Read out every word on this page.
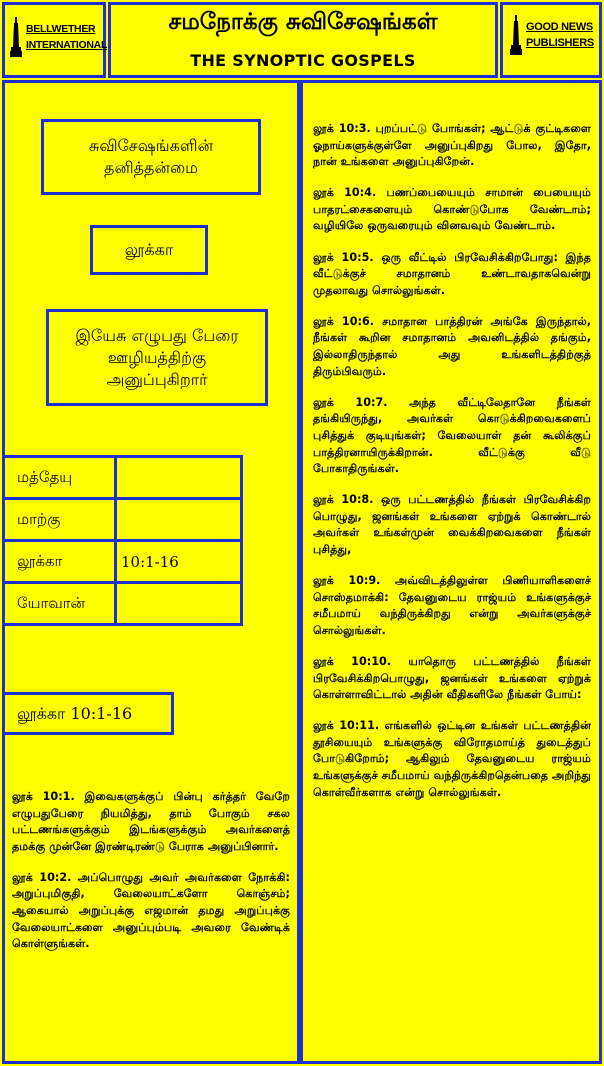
BELLWETHER
INTERNATIONAL
சமநோக்கு சுவிசேஷங்கள்
THE SYNOPTIC GOSPELS
GOOD NEWS
PUBLISHERS
சுவிசேஷங்களின் தனித்தன்மை
லூக்கா
இயேசு எழுபது பேரை ஊழியத்திற்கு அனுப்புகிறார்
மத்தேயு	
மாற்கு	
லூக்கா	10:1-16
யோவான்	
லூக்கா 10:1-16

லூக் 10:1. இவைகளுக்குப் பின்பு கர்த்தர் வேறே எழுபதுபேரை நியமித்து, தாம் போகும் சகல பட்டணங்களுக்கும் இடங்களுக்கும் அவர்களைத் தமக்கு முன்னே இரண்டிரண்டு பேராக அனுப்பினார்.

லூக் 10:2. அப்பொழுது அவர் அவர்களை நோக்கி: அறுப்புமிகுதி, வேலையாட்களோ கொஞ்சம்; ஆகையால் அறுப்புக்கு எஜமான் தமது அறுப்புக்கு வேலையாட்களை அனுப்பும்படி அவரை வேண்டிக் கொள்ளுங்கள்.

லூக் 10:3. புறப்பட்டு போங்கள்; ஆட்டுக் குட்டிகளை ஓநாய்களுக்குள்ளே அனுப்புகிறது போல, இதோ, நான் உங்களை அனுப்புகிறேன்.

லூக் 10:4. பணப்பையையும் சாமான் பையையும் பாதரட்சைகளையும் கொண்டுபோக வேண்டாம்; வழியிலே ஒருவரையும் வினவவும் வேண்டாம்.

லூக் 10:5. ஒரு வீட்டில் பிரவேசிக்கிறபோது: இந்த வீட்டுக்குச் சமாதானம் உண்டாவதாகவென்று முதலாவது சொல்லுங்கள்.

லூக் 10:6. சமாதான பாத்திரன் அங்கே இருந்தால், நீங்கள் கூறின சமாதானம் அவனிடத்தில் தங்கும், இல்லாதிருந்தால் அது உங்களிடத்திற்குத் திரும்பிவரும்.

லூக் 10:7. அந்த வீட்டிலேதானே நீங்கள் தங்கியிருந்து, அவர்கள் கொடுக்கிறவைகளைப் புசித்துக் குடியுங்கள்; வேலையாள் தன் கூலிக்குப் பாத்திரனாயிருக்கிறான். வீட்டுக்கு வீடு போகாதிருங்கள்.

லூக் 10:8. ஒரு பட்டணத்தில் நீங்கள் பிரவேசிக்கிற பொழுது, ஜனங்கள் உங்களை ஏற்றுக் கொண்டால் அவர்கள் உங்கள்முன் வைக்கிறவைகளை நீங்கள் புசித்து,

லூக் 10:9. அவ்விடத்திலுள்ள பிணியாளிகளைச் சொஸ்தமாக்கி: தேவனுடைய ராஜ்யம் உங்களுக்குச் சமீபமாய் வந்திருக்கிறது என்று அவர்களுக்குச் சொல்லுங்கள்.

லூக் 10:10. யாதொரு பட்டணத்தில் நீங்கள் பிரவேசிக்கிறபொழுது, ஜனங்கள் உங்களை ஏற்றுக் கொள்ளாவிட்டால் அதின் வீதிகளிலே நீங்கள் போய்:

லூக் 10:11. எங்களில் ஒட்டின உங்கள் பட்டணத்தின் தூசியையும் உங்களுக்கு விரோதமாய்த் துடைத்துப் போடுகிறோம்; ஆகிலும் தேவனுடைய ராஜ்யம் உங்களுக்குச் சமீபமாய் வந்திருக்கிறதென்பதை அறிந்து கொள்வீர்களாக என்று சொல்லுங்கள்.
